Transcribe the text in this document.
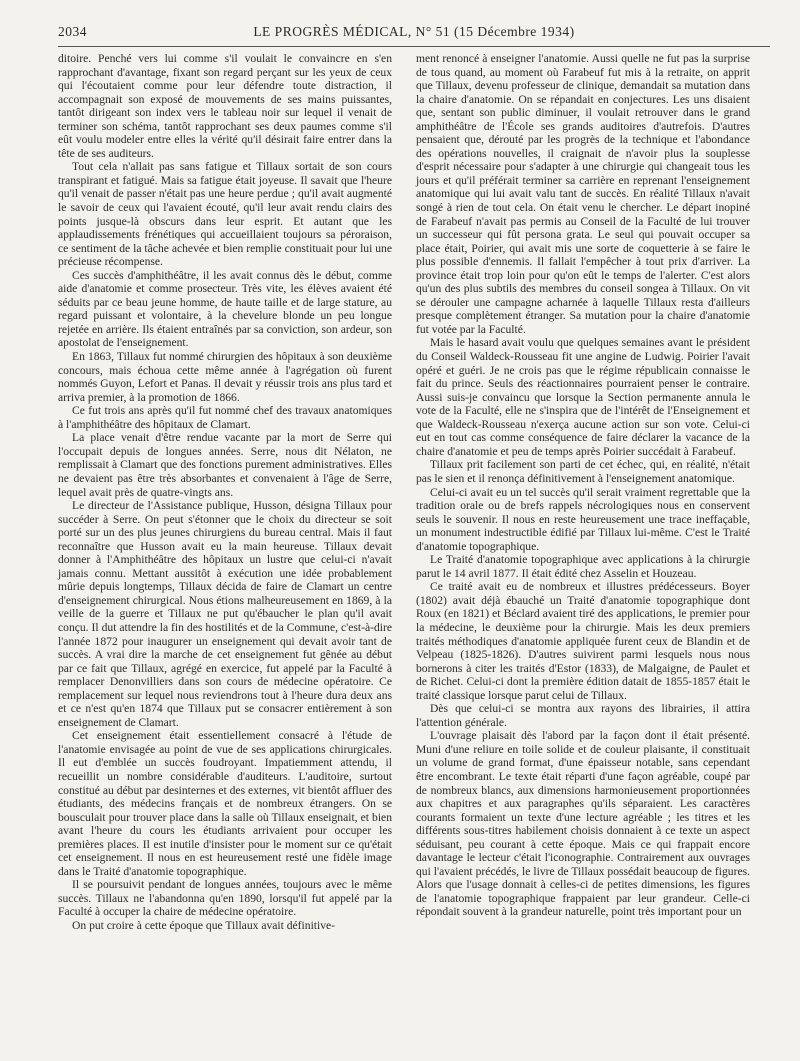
2034	LE PROGRÈS MÉDICAL, N° 51 (15 Décembre 1934)

ditoire. Penché vers lui comme s'il voulait le convaincre en s'en rapprochant d'avantage, fixant son regard perçant sur les yeux de ceux qui l'écoutaient comme pour leur défendre toute distraction, il accompagnait son exposé de mouvements de ses mains puissantes, tantôt dirigeant son index vers le tableau noir sur lequel il venait de terminer son schéma, tantôt rapprochant ses deux paumes comme s'il eût voulu modeler entre elles la vérité qu'il désirait faire entrer dans la tête de ses auditeurs.

Tout cela n'allait pas sans fatigue et Tillaux sortait de son cours transpirant et fatigué. Mais sa fatigue était joyeuse. Il savait que l'heure qu'il venait de passer n'était pas une heure perdue ; qu'il avait augmenté le savoir de ceux qui l'avaient écouté, qu'il leur avait rendu clairs des points jusque-là obscurs dans leur esprit. Et autant que les applaudissements frénétiques qui accueillaient toujours sa péroraison, ce sentiment de la tâche achevée et bien remplie constituait pour lui une précieuse récompense.

Ces succès d'amphithéâtre, il les avait connus dès le début, comme aide d'anatomie et comme prosecteur. Très vite, les élèves avaient été séduits par ce beau jeune homme, de haute taille et de large stature, au regard puissant et volontaire, à la chevelure blonde un peu longue rejetée en arrière. Ils étaient entraînés par sa conviction, son ardeur, son apostolat de l'enseignement.

En 1863, Tillaux fut nommé chirurgien des hôpitaux à son deuxième concours, mais échoua cette même année à l'agrégation où furent nommés Guyon, Lefort et Panas. Il devait y réussir trois ans plus tard et arriva premier, à la promotion de 1866.

Ce fut trois ans après qu'il fut nommé chef des travaux anatomiques à l'amphithéâtre des hôpitaux de Clamart.

La place venait d'être rendue vacante par la mort de Serre qui l'occupait depuis de longues années. Serre, nous dit Nélaton, ne remplissait à Clamart que des fonctions purement administratives. Elles ne devaient pas être très absorbantes et convenaient à l'âge de Serre, lequel avait près de quatre-vingts ans.

Le directeur de l'Assistance publique, Husson, désigna Tillaux pour succéder à Serre. On peut s'étonner que le choix du directeur se soit porté sur un des plus jeunes chirurgiens du bureau central. Mais il faut reconnaître que Husson avait eu la main heureuse. Tillaux devait donner à l'Amphithéâtre des hôpitaux un lustre que celui-ci n'avait jamais connu. Mettant aussitôt à exécution une idée probablement mûrie depuis longtemps, Tillaux décida de faire de Clamart un centre d'enseignement chirurgical. Nous étions malheureusement en 1869, à la veille de la guerre et Tillaux ne put qu'ébaucher le plan qu'il avait conçu. Il dut attendre la fin des hostilités et de la Commune, c'est-à-dire l'année 1872 pour inaugurer un enseignement qui devait avoir tant de succès. A vrai dire la marche de cet enseignement fut gênée au début par ce fait que Tillaux, agrégé en exercice, fut appelé par la Faculté à remplacer Denonvilliers dans son cours de médecine opératoire. Ce remplacement sur lequel nous reviendrons tout à l'heure dura deux ans et ce n'est qu'en 1874 que Tillaux put se consacrer entièrement à son enseignement de Clamart.

Cet enseignement était essentiellement consacré à l'étude de l'anatomie envisagée au point de vue de ses applications chirurgicales. Il eut d'emblée un succès foudroyant. Impatiemment attendu, il recueillit un nombre considérable d'auditeurs. L'auditoire, surtout constitué au début par desinternes et des externes, vit bientôt affluer des étudiants, des médecins français et de nombreux étrangers. On se bousculait pour trouver place dans la salle où Tillaux enseignait, et bien avant l'heure du cours les étudiants arrivaient pour occuper les premières places. Il est inutile d'insister pour le moment sur ce qu'était cet enseignement. Il nous en est heureusement resté une fidèle image dans le Traité d'anatomie topographique.

Il se poursuivit pendant de longues années, toujours avec le même succès. Tillaux ne l'abandonna qu'en 1890, lorsqu'il fut appelé par la Faculté à occuper la chaire de médecine opératoire.

On put croire à cette époque que Tillaux avait définitive-

ment renoncé à enseigner l'anatomie. Aussi quelle ne fut pas la surprise de tous quand, au moment où Farabeuf fut mis à la retraite, on apprit que Tillaux, devenu professeur de clinique, demandait sa mutation dans la chaire d'anatomie. On se répandait en conjectures. Les uns disaient que, sentant son public diminuer, il voulait retrouver dans le grand amphithéâtre de l'École ses grands auditoires d'autrefois. D'autres pensaient que, dérouté par les progrès de la technique et l'abondance des opérations nouvelles, il craignait de n'avoir plus la souplesse d'esprit nécessaire pour s'adapter à une chirurgie qui changeait tous les jours et qu'il préférait terminer sa carrière en reprenant l'enseignement anatomique qui lui avait valu tant de succès. En réalité Tillaux n'avait songé à rien de tout cela. On était venu le chercher. Le départ inopiné de Farabeuf n'avait pas permis au Conseil de la Faculté de lui trouver un successeur qui fût persona grata. Le seul qui pouvait occuper sa place était, Poirier, qui avait mis une sorte de coquetterie à se faire le plus possible d'ennemis. Il fallait l'empêcher à tout prix d'arriver. La province était trop loin pour qu'on eût le temps de l'alerter. C'est alors qu'un des plus subtils des membres du conseil songea à Tillaux. On vit se dérouler une campagne acharnée à laquelle Tillaux resta d'ailleurs presque complètement étranger. Sa mutation pour la chaire d'anatomie fut votée par la Faculté.

Mais le hasard avait voulu que quelques semaines avant le président du Conseil Waldeck-Rousseau fit une angine de Ludwig. Poirier l'avait opéré et guéri. Je ne crois pas que le régime républicain connaisse le fait du prince. Seuls des réactionnaires pourraient penser le contraire. Aussi suis-je convaincu que lorsque la Section permanente annula le vote de la Faculté, elle ne s'inspira que de l'intérêt de l'Enseignement et que Waldeck-Rousseau n'exerça aucune action sur son vote. Celui-ci eut en tout cas comme conséquence de faire déclarer la vacance de la chaire d'anatomie et peu de temps après Poirier succédait à Farabeuf.

Tillaux prit facilement son parti de cet échec, qui, en réalité, n'était pas le sien et il renonça définitivement à l'enseignement anatomique.

Celui-ci avait eu un tel succès qu'il serait vraiment regrettable que la tradition orale ou de brefs rappels nécrologiques nous en conservent seuls le souvenir. Il nous en reste heureusement une trace ineffaçable, un monument indestructible édifié par Tillaux lui-même. C'est le Traité d'anatomie topographique.

Le Traité d'anatomie topographique avec applications à la chirurgie parut le 14 avril 1877. Il était édité chez Asselin et Houzeau.

Ce traité avait eu de nombreux et illustres prédécesseurs. Boyer (1802) avait déjà ébauché un Traité d'anatomie topographique dont Roux (en 1821) et Béclard avaient tiré des applications, le premier pour la médecine, le deuxième pour la chirurgie. Mais les deux premiers traités méthodiques d'anatomie appliquée furent ceux de Blandin et de Velpeau (1825-1826). D'autres suivirent parmi lesquels nous nous bornerons à citer les traités d'Estor (1833), de Malgaigne, de Paulet et de Richet. Celui-ci dont la première édition datait de 1855-1857 était le traité classique lorsque parut celui de Tillaux.

Dès que celui-ci se montra aux rayons des librairies, il attira l'attention générale.

L'ouvrage plaisait dès l'abord par la façon dont il était présenté. Muni d'une reliure en toile solide et de couleur plaisante, il constituait un volume de grand format, d'une épaisseur notable, sans cependant être encombrant. Le texte était réparti d'une façon agréable, coupé par de nombreux blancs, aux dimensions harmonieusement proportionnées aux chapitres et aux paragraphes qu'ils séparaient. Les caractères courants formaient un texte d'une lecture agréable ; les titres et les différents sous-titres habilement choisis donnaient à ce texte un aspect séduisant, peu courant à cette époque. Mais ce qui frappait encore davantage le lecteur c'était l'iconographie. Contrairement aux ouvrages qui l'avaient précédés, le livre de Tillaux possédait beaucoup de figures. Alors que l'usage donnait à celles-ci de petites dimensions, les figures de l'anatomie topographique frappaient par leur grandeur. Celle-ci répondait souvent à la grandeur naturelle, point très important pour un
